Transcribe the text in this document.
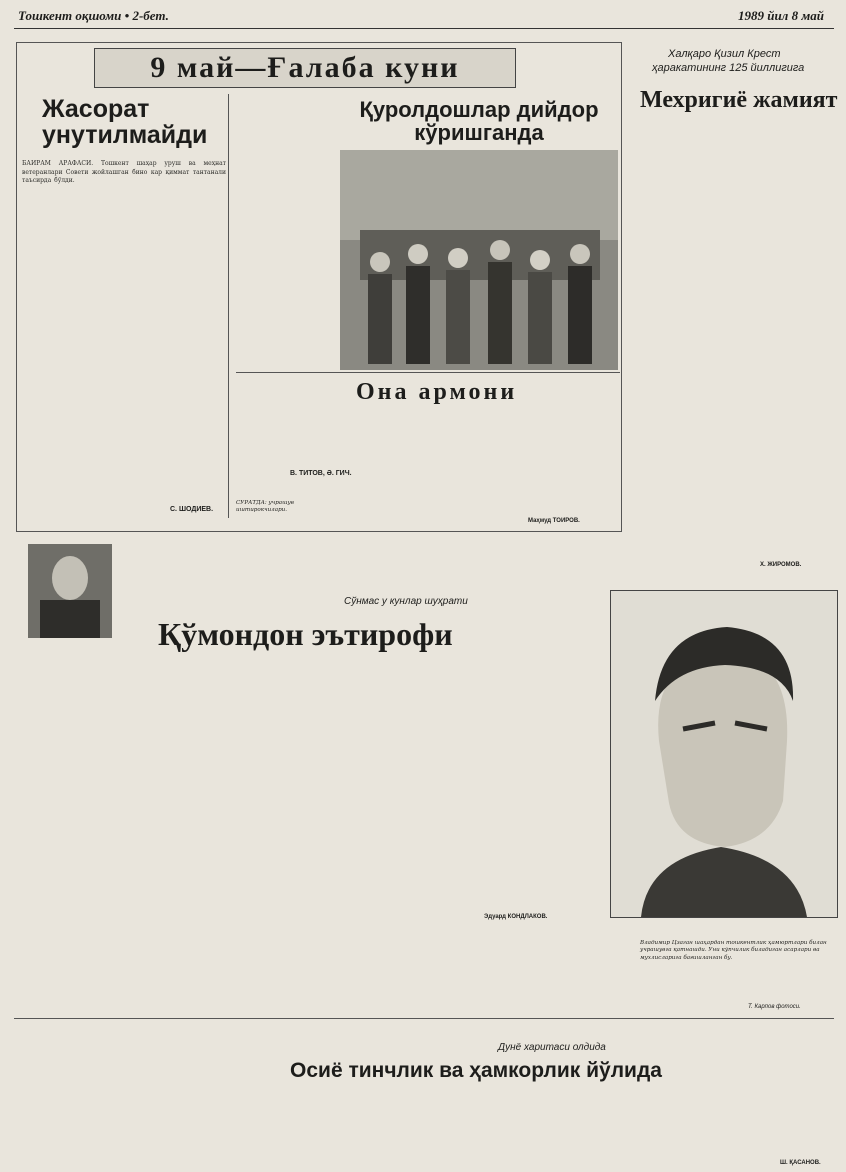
Тошкент оқшоми • 2-бет.	1989 йил 8 май
9 май—Ғалаба куни
Жасорат унутилмайди
БАЙРАМ АРАФАСИ. Тошкент шаҳар уруш ва меҳнат ветеранлари Совети жойлашган бино кар қиммат тантанали таъсирда бўлди.
С. ШОДИЕВ.
Қуролдошлар дийдор кўришганда
СУРАТДА: учрашув иштирокчилари.
В. ТИТОВ, Ә. ГИЧ.
Она армони
Маҳмуд ТОИРОВ.
Халқаро Қизил Крест
ҳаракатининг 125 йиллигига
Мехригиё жамият
Х. ЖИРОМОВ.
Сўнмас у кунлар шуҳрати
Қўмондон эътирофи
Эдуард КОНДЛАКОВ.
Владимир Цзаган шаҳардан тошкентлик ҳамюртлари билан учрашувга қатнашди. Уни кўпчилик биладиган асарлари ва мухлисларига бағишланган бу.
Т. Карпов фотоси.
Дунё харитаси олдида
Осиё тинчлик ва ҳамкорлик йўлида
Ш. ҚАСАНОВ.
